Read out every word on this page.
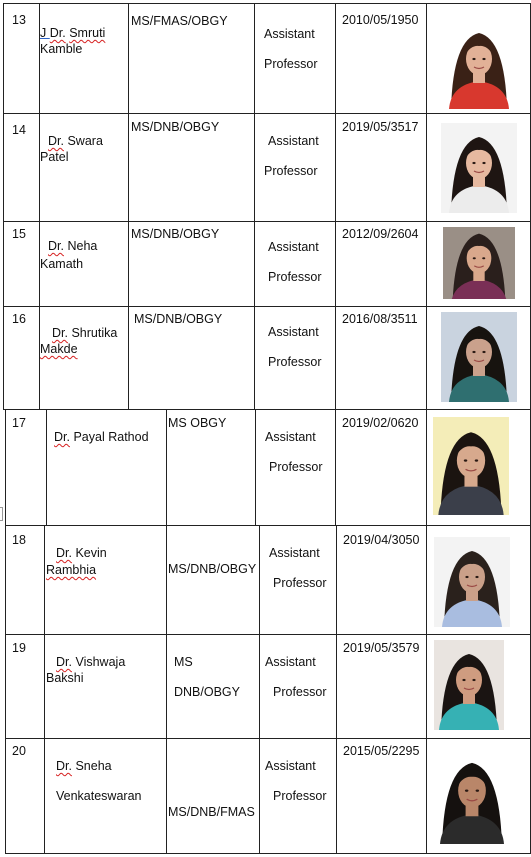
13
J Dr. Smruti
Kamble
MS/FMAS/OBGY
Assistant
Professor
2010/05/1950
14
Dr. Swara
Patel
MS/DNB/OBGY
Assistant
Professor
2019/05/3517
15
Dr. Neha
Kamath
MS/DNB/OBGY
Assistant
Professor
2012/09/2604
16
Dr. Shrutika
Makde
MS/DNB/OBGY
Assistant
Professor
2016/08/3511
17
Dr. Payal Rathod
MS OBGY
Assistant
Professor
2019/02/0620
18
Dr. Kevin
Rambhia	MS/DNB/OBGY
Assistant
Professor
2019/04/3050
19
Dr. Vishwaja
Bakshi
MS
DNB/OBGY
Assistant
Professor
2019/05/3579
20
Dr. Sneha
Venkateswaran
MS/DNB/FMAS
Assistant
Professor
2015/05/2295
